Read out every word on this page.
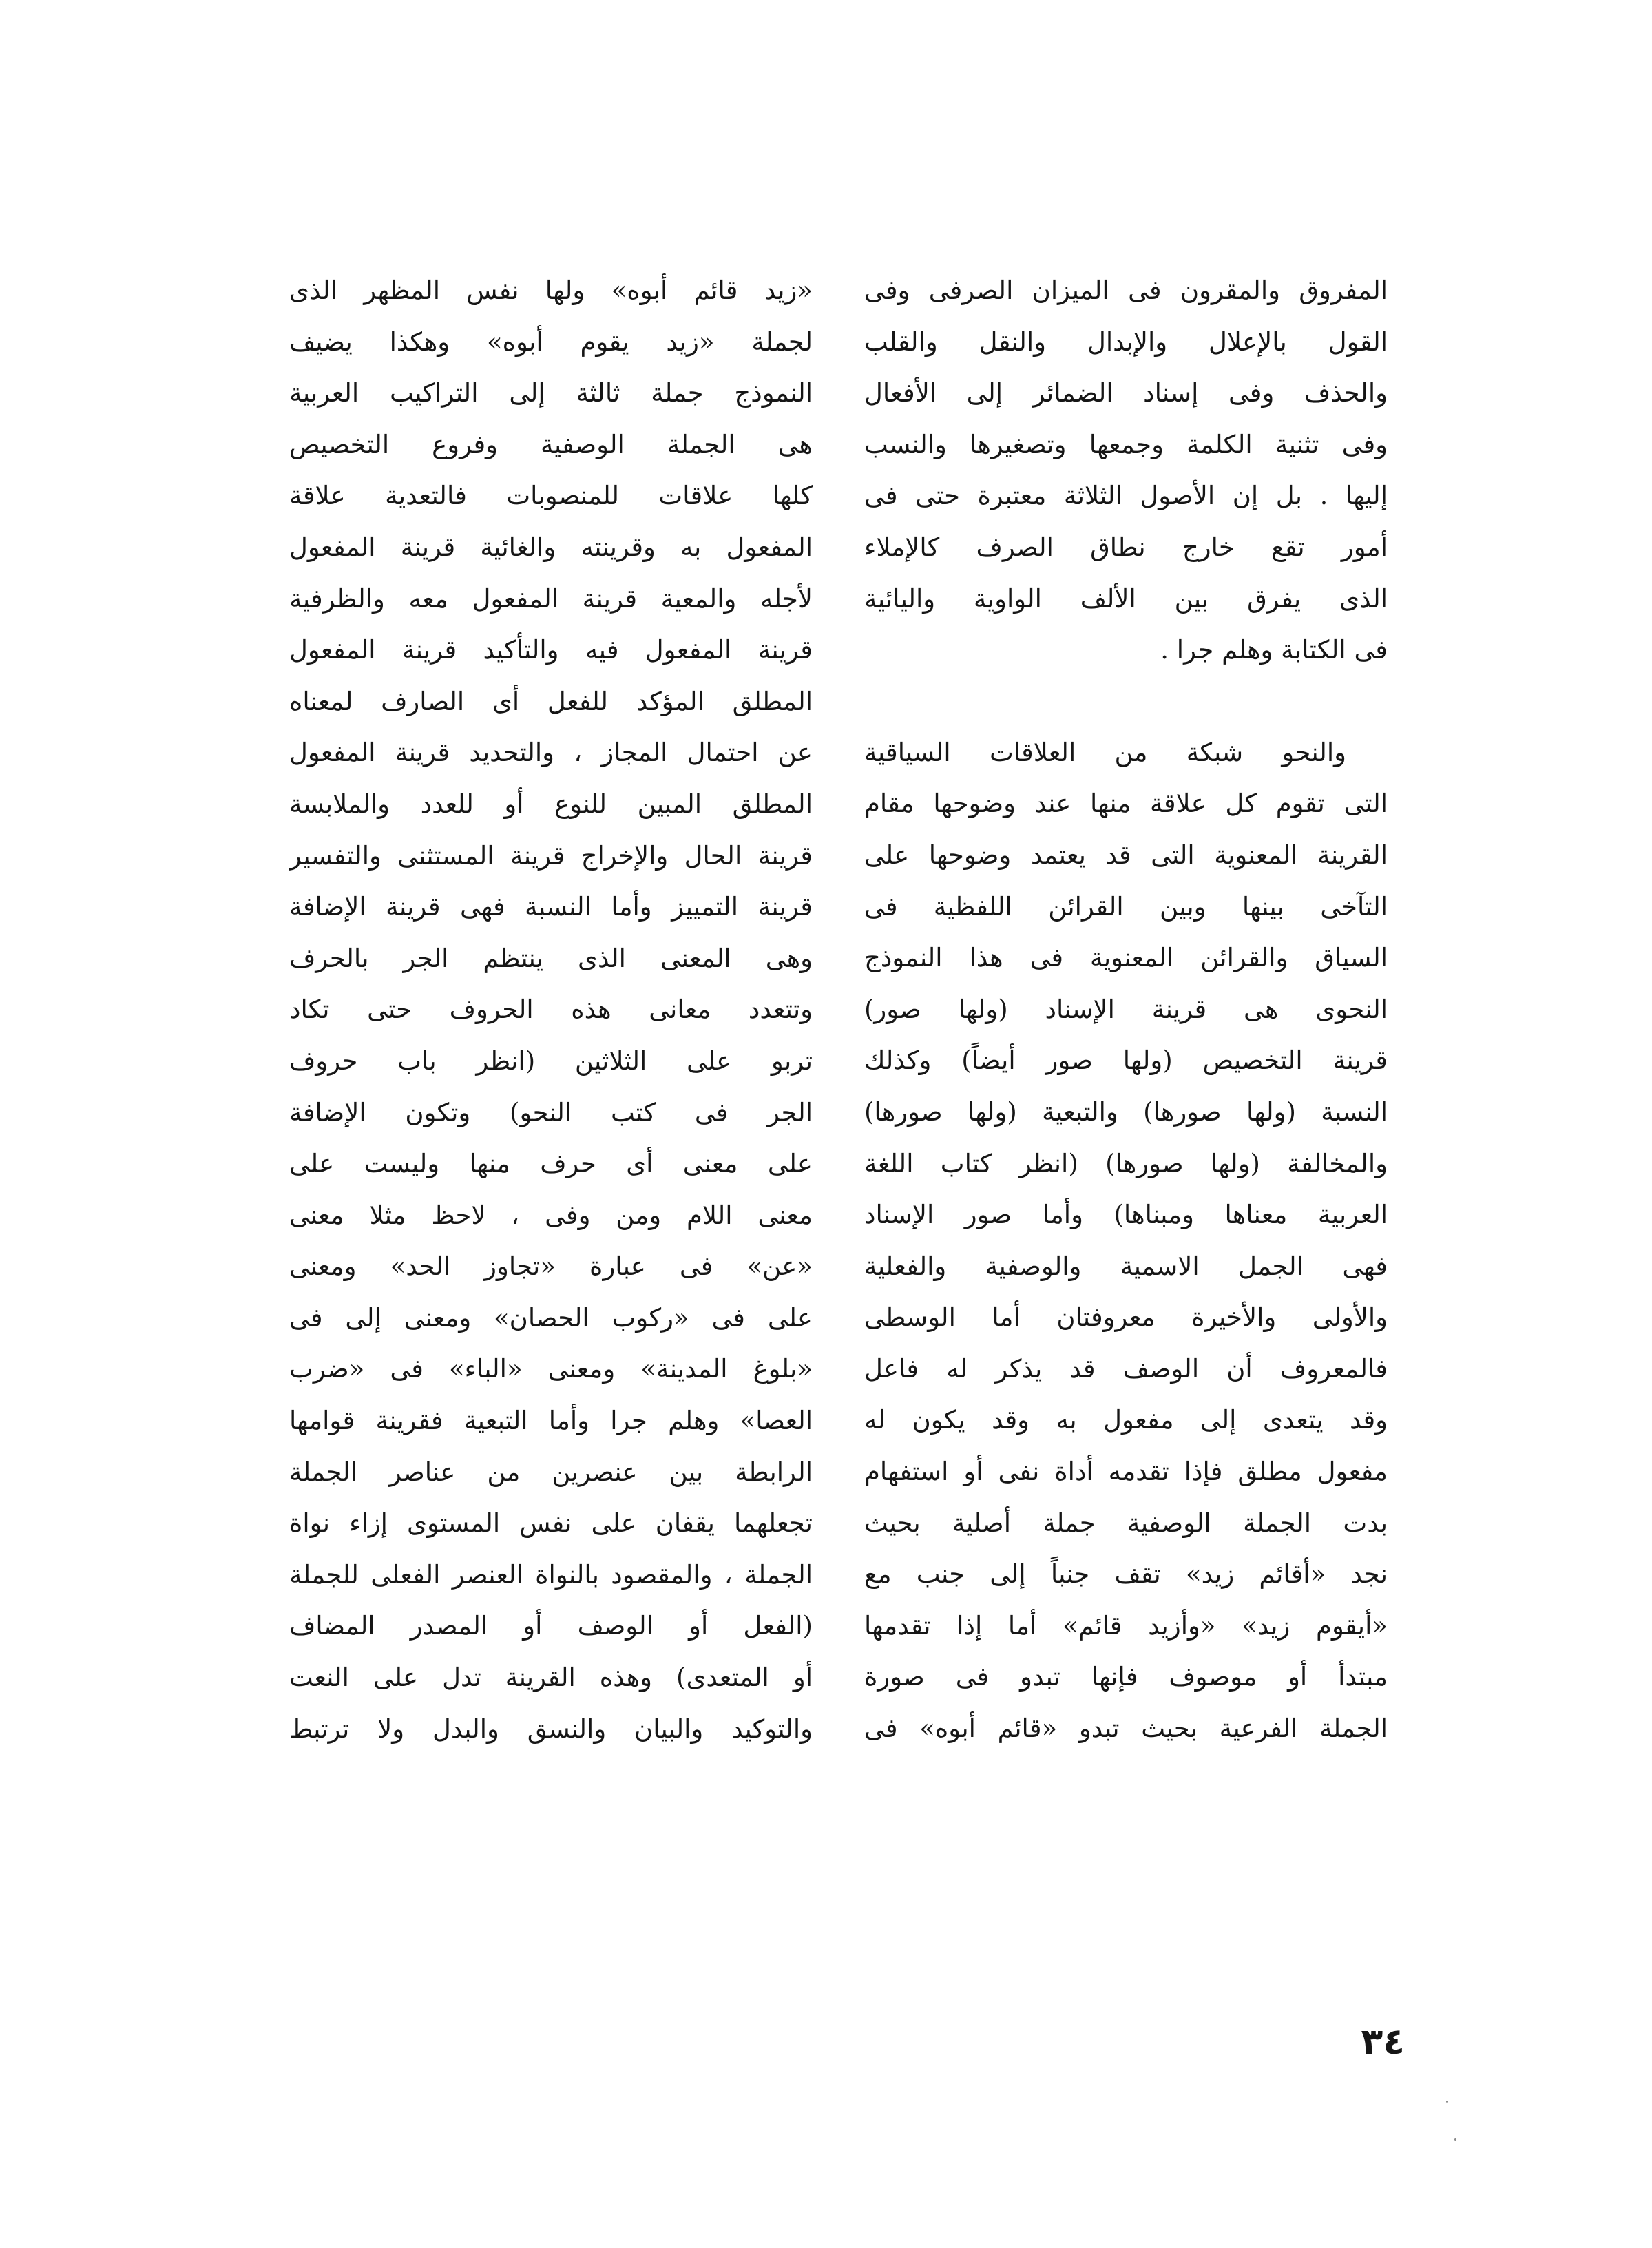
المفروق والمقرون فى الميزان الصرفى وفى
القول بالإعلال والإبدال والنقل والقلب
والحذف وفى إسناد الضمائر إلى الأفعال
وفى تثنية الكلمة وجمعها وتصغيرها والنسب
إليها . بل إن الأصول الثلاثة معتبرة حتى فى
أمور تقع خارج نطاق الصرف كالإملاء
الذى يفرق بين الألف الواوية واليائية
فى الكتابة وهلم جرا .
والنحو شبكة من العلاقات السياقية
التى تقوم كل علاقة منها عند وضوحها مقام
القرينة المعنوية التى قد يعتمد وضوحها على
التآخى بينها وبين القرائن اللفظية فى
السياق والقرائن المعنوية فى هذا النموذج
النحوى هى قرينة الإسناد (ولها صور)
قرينة التخصيص (ولها صور أيضاً) وكذلك
النسبة (ولها صورها) والتبعية (ولها صورها)
والمخالفة (ولها صورها) (انظر كتاب اللغة
العربية معناها ومبناها) وأما صور الإسناد
فهى الجمل الاسمية والوصفية والفعلية
والأولى والأخيرة معروفتان أما الوسطى
فالمعروف أن الوصف قد يذكر له فاعل
وقد يتعدى إلى مفعول به وقد يكون له
مفعول مطلق فإذا تقدمه أداة نفى أو استفهام
بدت الجملة الوصفية جملة أصلية بحيث
نجد «أقائم زيد» تقف جنباً إلى جنب مع
«أيقوم زيد» «وأزيد قائم» أما إذا تقدمها
مبتدأ أو موصوف فإنها تبدو فى صورة
الجملة الفرعية بحيث تبدو «قائم أبوه» فى
«زيد قائم أبوه» ولها نفس المظهر الذى
لجملة «زيد يقوم أبوه» وهكذا يضيف
النموذج جملة ثالثة إلى التراكيب العربية
هى الجملة الوصفية وفروع التخصيص
كلها علاقات للمنصوبات فالتعدية علاقة
المفعول به وقرينته والغائية قرينة المفعول
لأجله والمعية قرينة المفعول معه والظرفية
قرينة المفعول فيه والتأكيد قرينة المفعول
المطلق المؤكد للفعل أى الصارف لمعناه
عن احتمال المجاز ، والتحديد قرينة المفعول
المطلق المبين للنوع أو للعدد والملابسة
قرينة الحال والإخراج قرينة المستثنى والتفسير
قرينة التمييز وأما النسبة فهى قرينة الإضافة
وهى المعنى الذى ينتظم الجر بالحرف
وتتعدد معانى هذه الحروف حتى تكاد
تربو على الثلاثين (انظر باب حروف
الجر فى كتب النحو) وتكون الإضافة
على معنى أى حرف منها وليست على
معنى اللام ومن وفى ، لاحظ مثلا معنى
«عن» فى عبارة «تجاوز الحد» ومعنى
على فى «ركوب الحصان» ومعنى إلى فى
«بلوغ المدينة» ومعنى «الباء» فى «ضرب
العصا» وهلم جرا وأما التبعية فقرينة قوامها
الرابطة بين عنصرين من عناصر الجملة
تجعلهما يقفان على نفس المستوى إزاء نواة
الجملة ، والمقصود بالنواة العنصر الفعلى للجملة
(الفعل أو الوصف أو المصدر المضاف
أو المتعدى) وهذه القرينة تدل على النعت
والتوكيد والبيان والنسق والبدل ولا ترتبط
٣٤
